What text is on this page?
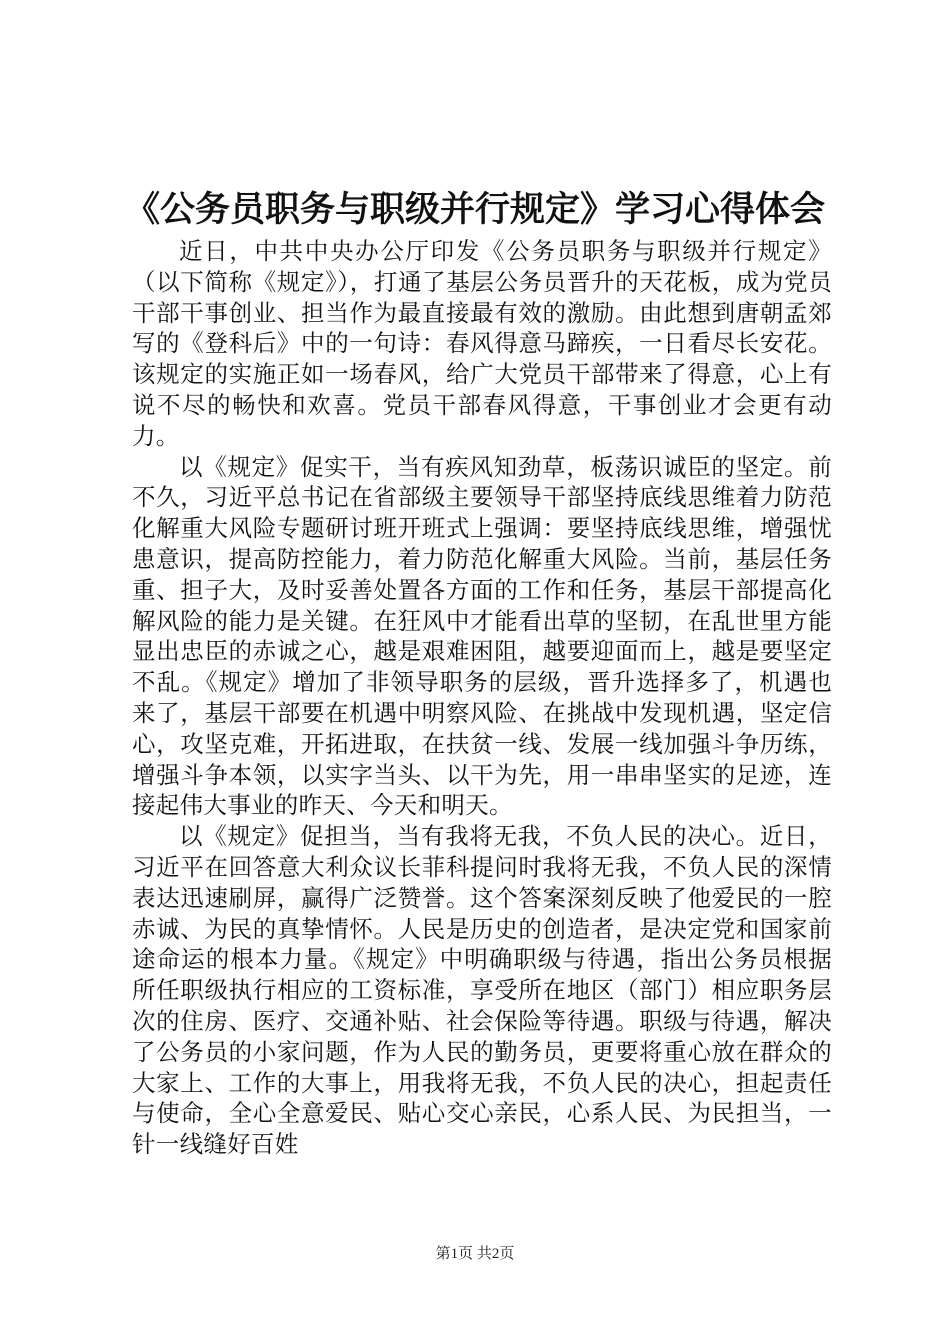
《公务员职务与职级并行规定》学习心得体会

近日，中共中央办公厅印发《公务员职务与职级并行规定》（以下简称《规定》），打通了基层公务员晋升的天花板，成为党员干部干事创业、担当作为最直接最有效的激励。由此想到唐朝孟郊写的《登科后》中的一句诗：春风得意马蹄疾，一日看尽长安花。该规定的实施正如一场春风，给广大党员干部带来了得意，心上有说不尽的畅快和欢喜。党员干部春风得意，干事创业才会更有动力。

以《规定》促实干，当有疾风知劲草，板荡识诚臣的坚定。前不久，习近平总书记在省部级主要领导干部坚持底线思维着力防范化解重大风险专题研讨班开班式上强调：要坚持底线思维，增强忧患意识，提高防控能力，着力防范化解重大风险。当前，基层任务重、担子大，及时妥善处置各方面的工作和任务，基层干部提高化解风险的能力是关键。在狂风中才能看出草的坚韧，在乱世里方能显出忠臣的赤诚之心，越是艰难困阻，越要迎面而上，越是要坚定不乱。《规定》增加了非领导职务的层级，晋升选择多了，机遇也来了，基层干部要在机遇中明察风险、在挑战中发现机遇，坚定信心，攻坚克难，开拓进取，在扶贫一线、发展一线加强斗争历练，增强斗争本领，以实字当头、以干为先，用一串串坚实的足迹，连接起伟大事业的昨天、今天和明天。

以《规定》促担当，当有我将无我，不负人民的决心。近日，习近平在回答意大利众议长菲科提问时我将无我，不负人民的深情表达迅速刷屏，赢得广泛赞誉。这个答案深刻反映了他爱民的一腔赤诚、为民的真挚情怀。人民是历史的创造者，是决定党和国家前途命运的根本力量。《规定》中明确职级与待遇，指出公务员根据所任职级执行相应的工资标准，享受所在地区（部门）相应职务层次的住房、医疗、交通补贴、社会保险等待遇。职级与待遇，解决了公务员的小家问题，作为人民的勤务员，更要将重心放在群众的大家上、工作的大事上，用我将无我，不负人民的决心，担起责任与使命，全心全意爱民、贴心交心亲民，心系人民、为民担当，一针一线缝好百姓

第1页 共2页
